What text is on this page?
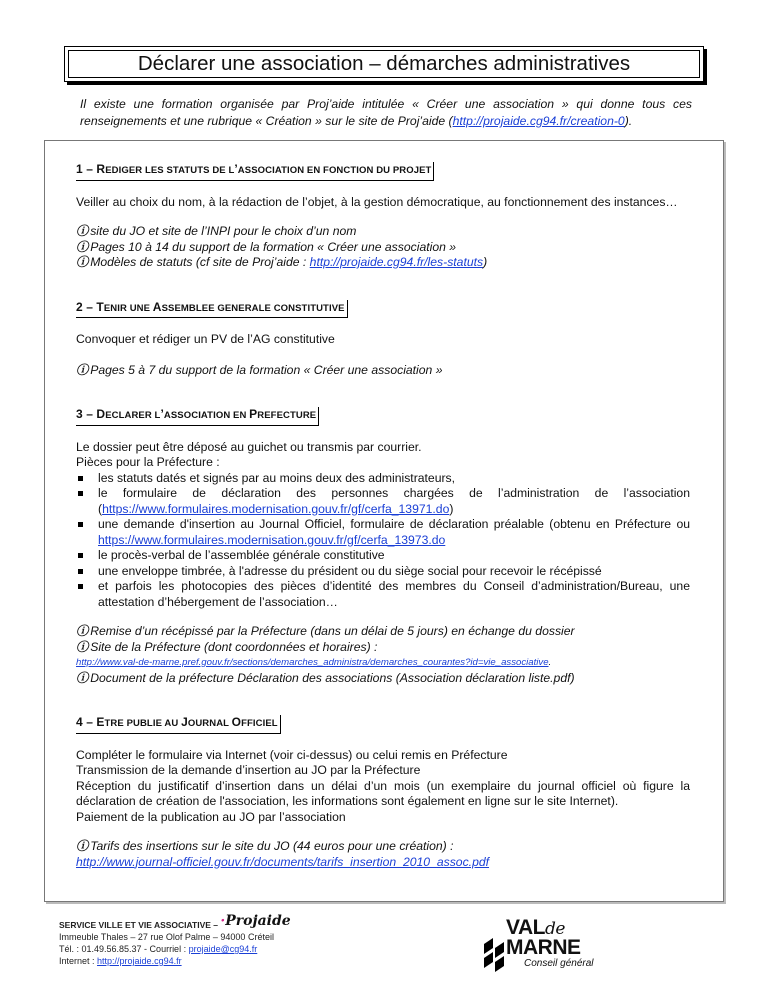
Déclarer une association – démarches administratives
Il existe une formation organisée par Proj’aide intitulée « Créer une association » qui donne tous ces renseignements et une rubrique « Création » sur le site de Proj’aide (http://projaide.cg94.fr/creation-0).
1 – REDIGER LES STATUTS DE L’ASSOCIATION EN FONCTION DU PROJET

Veiller au choix du nom, à la rédaction de l’objet, à la gestion démocratique, au fonctionnement des instances…

ⓘ site du JO et site de l’INPI pour le choix d’un nom

ⓘ Pages 10 à 14 du support de la formation « Créer une association »

ⓘ Modèles de statuts (cf site de Proj’aide : http://projaide.cg94.fr/les-statuts)

2 – TENIR UNE ASSEMBLEE GENERALE CONSTITUTIVE

Convoquer et rédiger un PV de l’AG constitutive

ⓘ Pages 5 à 7 du support de la formation « Créer une association »

3 – DECLARER L’ASSOCIATION EN PREFECTURE

Le dossier peut être déposé au guichet ou transmis par courrier.

Pièces pour la Préfecture :

les statuts datés et signés par au moins deux des administrateurs,
le formulaire de déclaration des personnes chargées de l’administration de l’association (https://www.formulaires.modernisation.gouv.fr/gf/cerfa_13971.do)
une demande d'insertion au Journal Officiel, formulaire de déclaration préalable (obtenu en Préfecture ou https://www.formulaires.modernisation.gouv.fr/gf/cerfa_13973.do
le procès-verbal de l’assemblée générale constitutive
une enveloppe timbrée, à l'adresse du président ou du siège social pour recevoir le récépissé
et parfois les photocopies des pièces d’identité des membres du Conseil d’administration/Bureau, une attestation d’hébergement de l’association…

ⓘ Remise d’un récépissé par la Préfecture (dans un délai de 5 jours) en échange du dossier

ⓘ Site de la Préfecture (dont coordonnées et horaires) :

http://www.val-de-marne.pref.gouv.fr/sections/demarches_administra/demarches_courantes?id=vie_associative.

ⓘ Document de la préfecture Déclaration des associations (Association déclaration liste.pdf)

4 – ETRE PUBLIE AU JOURNAL OFFICIEL

Compléter le formulaire via Internet (voir ci-dessus) ou celui remis en Préfecture

Transmission de la demande d’insertion au JO par la Préfecture

Réception du justificatif d’insertion dans un délai d’un mois (un exemplaire du journal officiel où figure la déclaration de création de l'association, les informations sont également en ligne sur le site Internet).

Paiement de la publication au JO par l’association

ⓘ Tarifs des insertions sur le site du JO (44 euros pour une création) :

http://www.journal-officiel.gouv.fr/documents/tarifs_insertion_2010_assoc.pdf

SERVICE VILLE ET VIE ASSOCIATIVE – ·Projaide
Immeuble Thales – 27 rue Olof Palme – 94000 Créteil
Tél. : 01.49.56.85.37 - Courriel : projaide@cg94.fr
Internet : http://projaide.cg94.fr
VALde
MARNE
Conseil général
